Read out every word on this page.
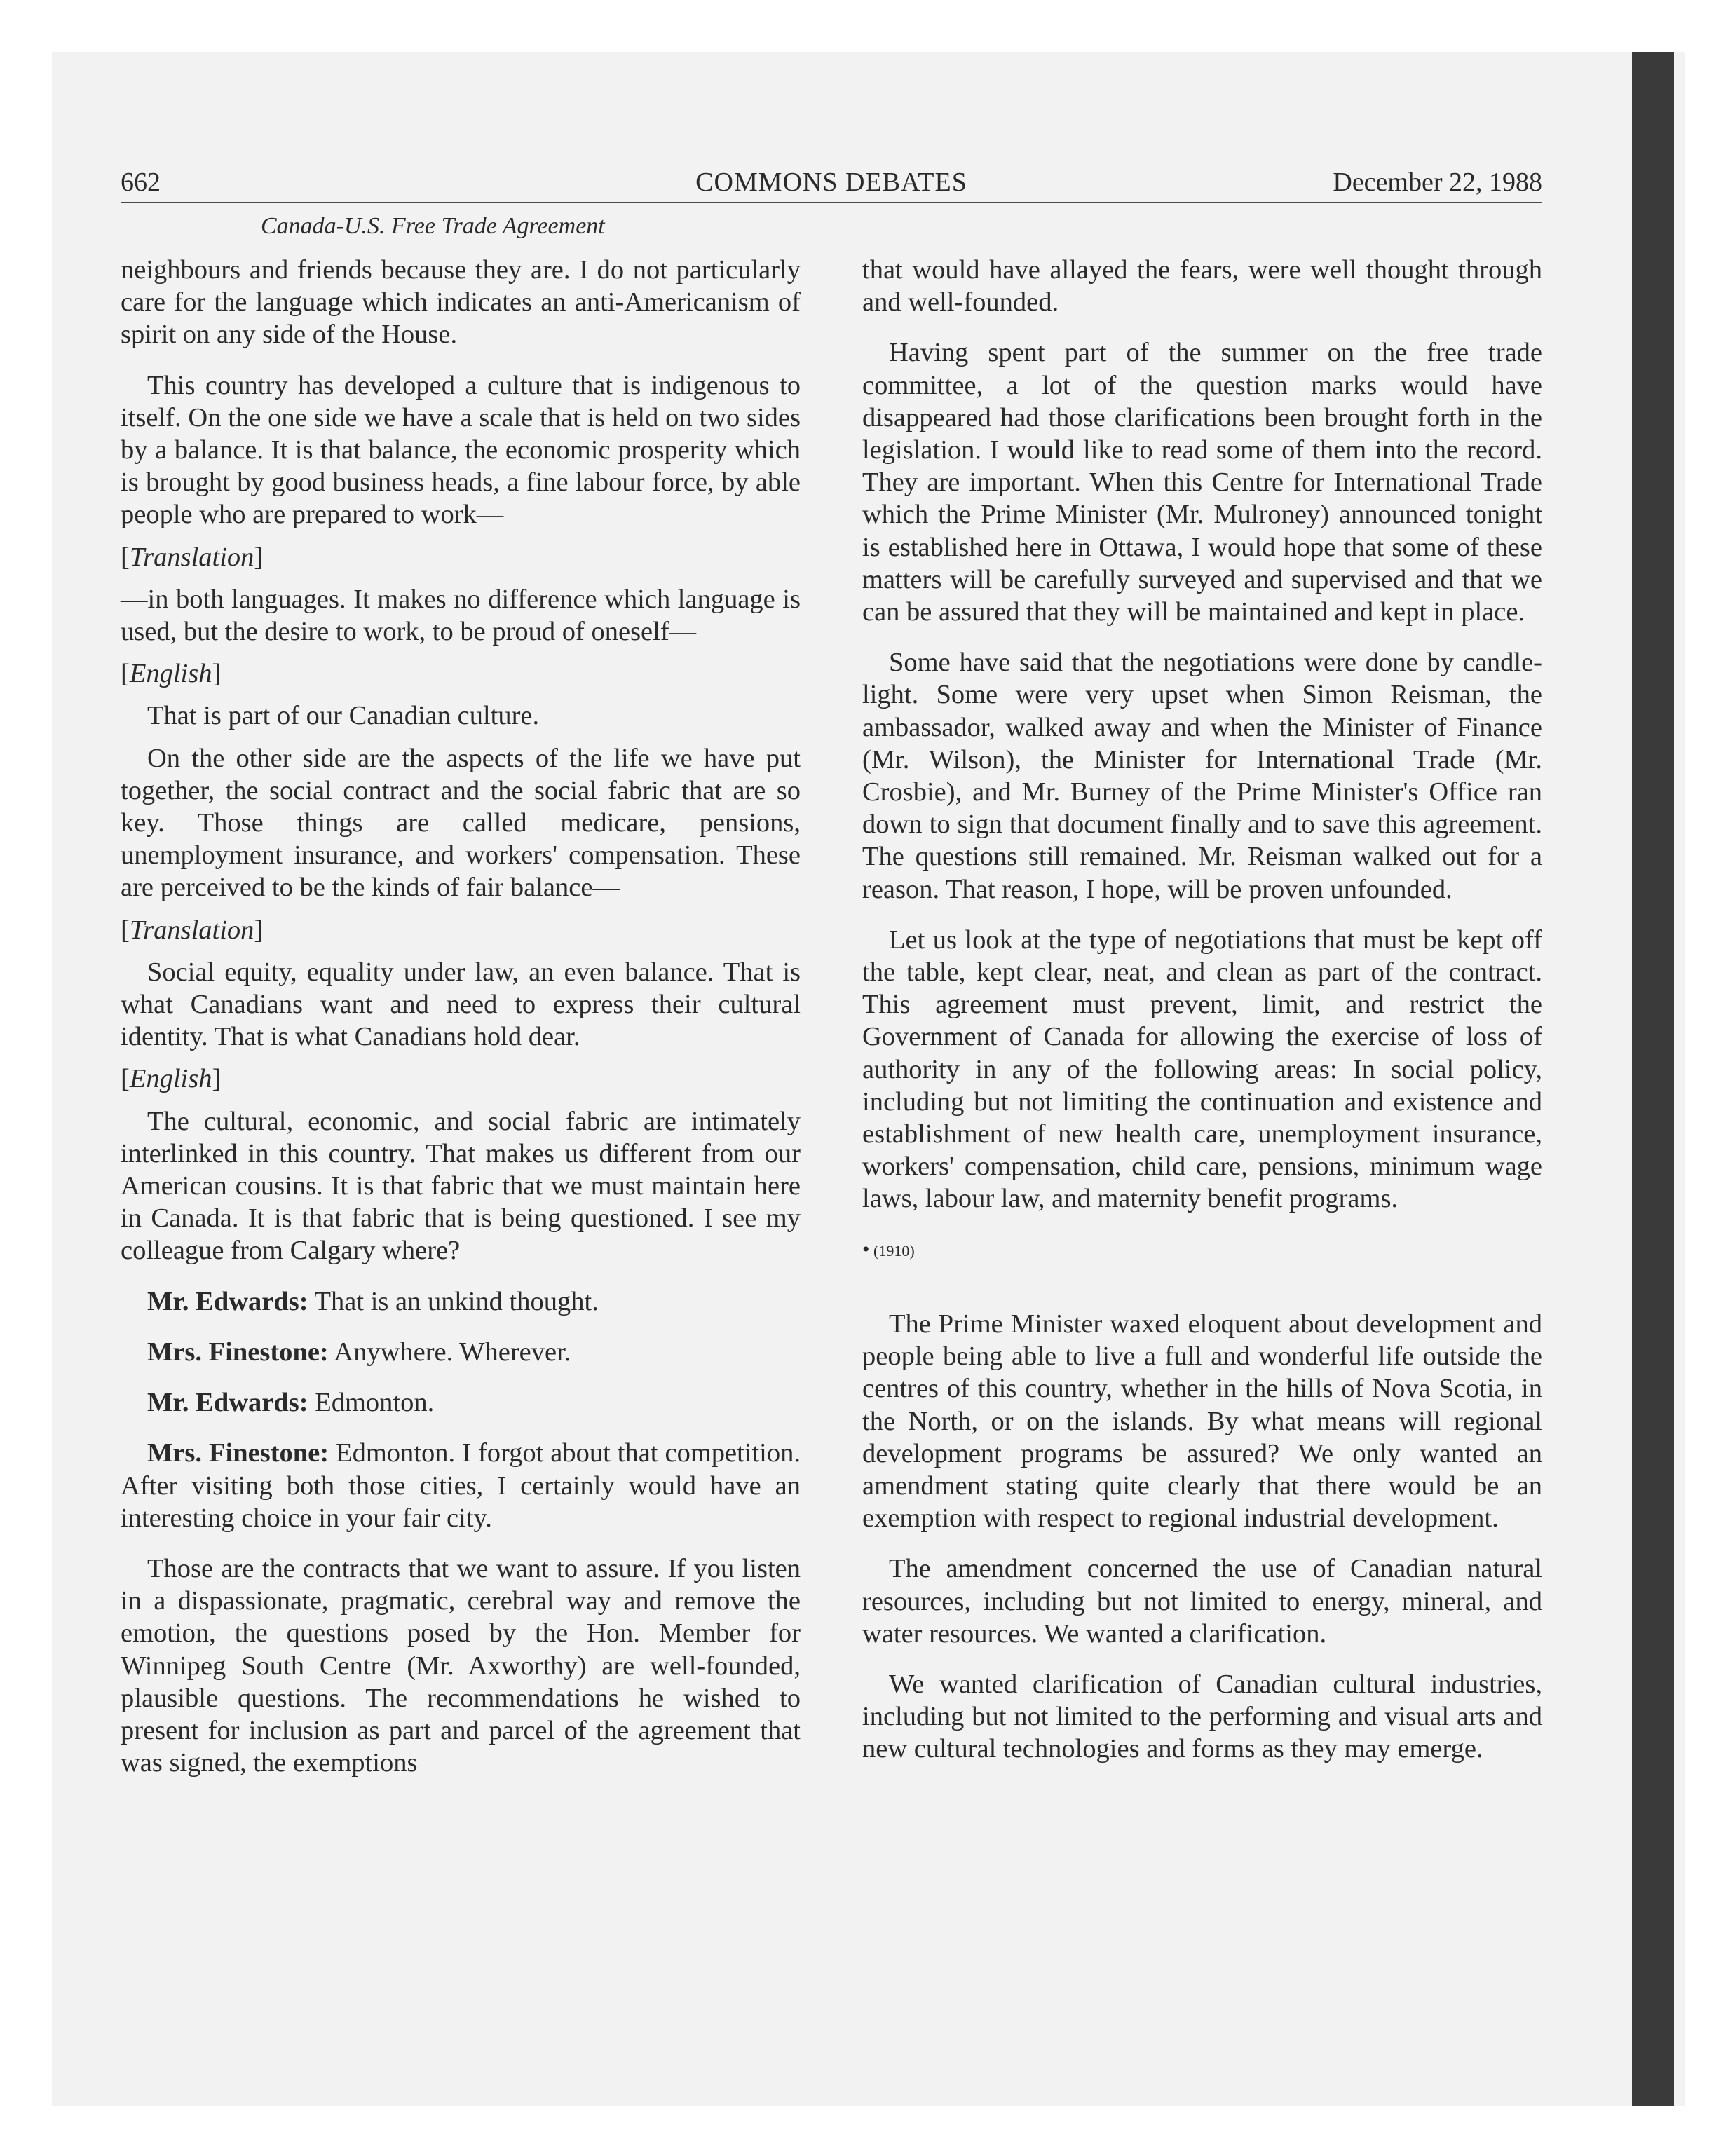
662	COMMONS DEBATES	December 22, 1988
Canada-U.S. Free Trade Agreement

neighbours and friends because they are. I do not particularly care for the language which indicates an anti-Americanism of spirit on any side of the House.

This country has developed a culture that is indigenous to itself. On the one side we have a scale that is held on two sides by a balance. It is that balance, the economic prosperity which is brought by good business heads, a fine labour force, by able people who are prepared to work—

[Translation]

—in both languages. It makes no difference which language is used, but the desire to work, to be proud of oneself—

[English]

That is part of our Canadian culture.

On the other side are the aspects of the life we have put together, the social contract and the social fabric that are so key. Those things are called medicare, pensions, unemployment insurance, and workers' compensation. These are perceived to be the kinds of fair balance—

[Translation]

Social equity, equality under law, an even balance. That is what Canadians want and need to express their cultural identity. That is what Canadians hold dear.

[English]

The cultural, economic, and social fabric are intimately interlinked in this country. That makes us different from our American cousins. It is that fabric that we must maintain here in Canada. It is that fabric that is being questioned. I see my colleague from Calgary where?

Mr. Edwards: That is an unkind thought.

Mrs. Finestone: Anywhere. Wherever.

Mr. Edwards: Edmonton.

Mrs. Finestone: Edmonton. I forgot about that competition. After visiting both those cities, I certainly would have an interesting choice in your fair city.

Those are the contracts that we want to assure. If you listen in a dispassionate, pragmatic, cerebral way and remove the emotion, the questions posed by the Hon. Member for Winnipeg South Centre (Mr. Axworthy) are well-founded, plausible questions. The recommendations he wished to present for inclusion as part and parcel of the agreement that was signed, the exemptions

that would have allayed the fears, were well thought through and well-founded.

Having spent part of the summer on the free trade committee, a lot of the question marks would have disappeared had those clarifications been brought forth in the legislation. I would like to read some of them into the record. They are important. When this Centre for International Trade which the Prime Minister (Mr. Mulroney) announced tonight is established here in Ottawa, I would hope that some of these matters will be carefully surveyed and supervised and that we can be assured that they will be maintained and kept in place.

Some have said that the negotiations were done by candle-light. Some were very upset when Simon Reisman, the ambassador, walked away and when the Minister of Finance (Mr. Wilson), the Minister for International Trade (Mr. Crosbie), and Mr. Burney of the Prime Minister's Office ran down to sign that document finally and to save this agreement. The questions still remained. Mr. Reisman walked out for a reason. That reason, I hope, will be proven unfounded.

Let us look at the type of negotiations that must be kept off the table, kept clear, neat, and clean as part of the contract. This agreement must prevent, limit, and restrict the Government of Canada for allowing the exercise of loss of authority in any of the following areas: In social policy, including but not limiting the continuation and existence and establishment of new health care, unemployment insurance, workers' compensation, child care, pensions, minimum wage laws, labour law, and maternity benefit programs.

• (1910)

The Prime Minister waxed eloquent about development and people being able to live a full and wonderful life outside the centres of this country, whether in the hills of Nova Scotia, in the North, or on the islands. By what means will regional development programs be assured? We only wanted an amendment stating quite clearly that there would be an exemption with respect to regional industrial development.

The amendment concerned the use of Canadian natural resources, including but not limited to energy, mineral, and water resources. We wanted a clarification.

We wanted clarification of Canadian cultural industries, including but not limited to the performing and visual arts and new cultural technologies and forms as they may emerge.
